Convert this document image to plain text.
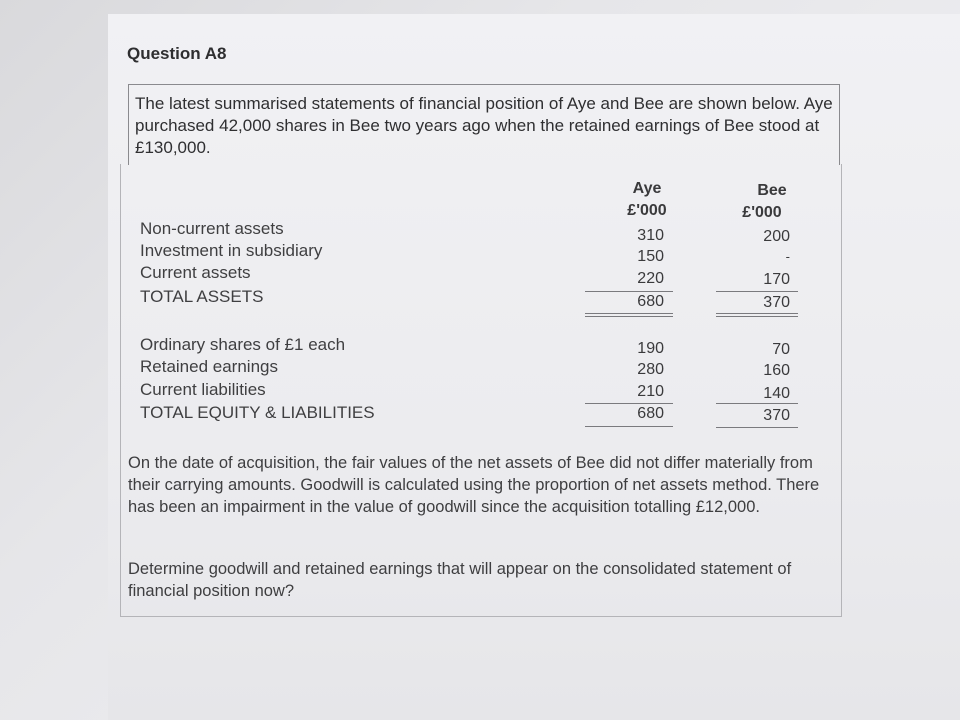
Question A8
The latest summarised statements of financial position of Aye and Bee are shown below. Aye purchased 42,000 shares in Bee two years ago when the retained earnings of Bee stood at £130,000.
Aye
£'000
Bee
£'000
Non-current assets	310	200
Investment in subsidiary	150	-
Current assets	220	170
TOTAL ASSETS	680	370
Ordinary shares of £1 each	190	70
Retained earnings	280	160
Current liabilities	210	140
TOTAL EQUITY & LIABILITIES	680	370
On the date of acquisition, the fair values of the net assets of Bee did not differ materially from their carrying amounts. Goodwill is calculated using the proportion of net assets method. There has been an impairment in the value of goodwill since the acquisition totalling £12,000.
Determine goodwill and retained earnings that will appear on the consolidated statement of financial position now?
